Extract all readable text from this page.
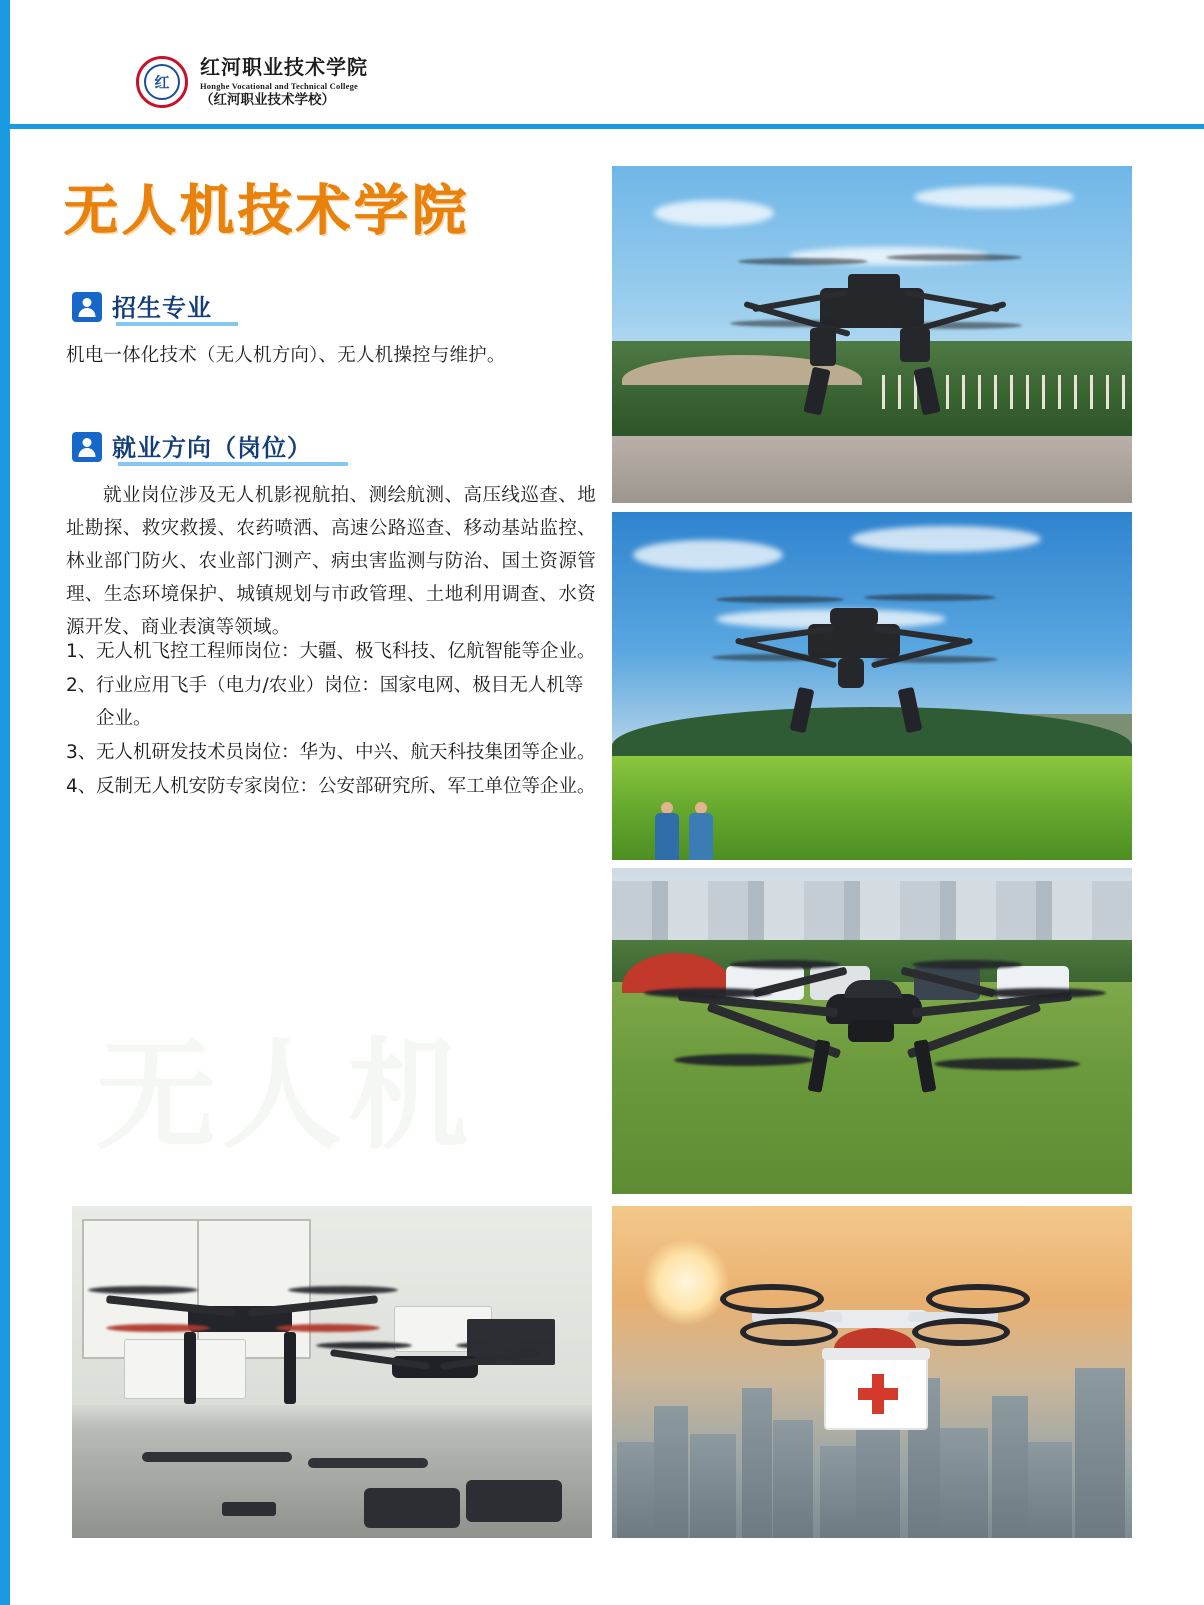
红
红河职业技术学院
Honghe Vocational and Technical College
（红河职业技术学校）
无人机技术学院
招生专业
机电一体化技术（无人机方向）、无人机操控与维护。
就业方向（岗位）
无人机
就业岗位涉及无人机影视航拍、测绘航测、高压线巡查、地址勘探、救灾救援、农药喷洒、高速公路巡查、移动基站监控、林业部门防火、农业部门测产、病虫害监测与防治、国土资源管理、生态环境保护、城镇规划与市政管理、土地利用调查、水资源开发、商业表演等领域。
1、 无人机飞控工程师岗位：大疆、极飞科技、亿航智能等企业。
2、 行业应用飞手（电力/农业）岗位：国家电网、极目无人机等企业。
3、 无人机研发技术员岗位：华为、中兴、航天科技集团等企业。
4、 反制无人机安防专家岗位：公安部研究所、军工单位等企业。
